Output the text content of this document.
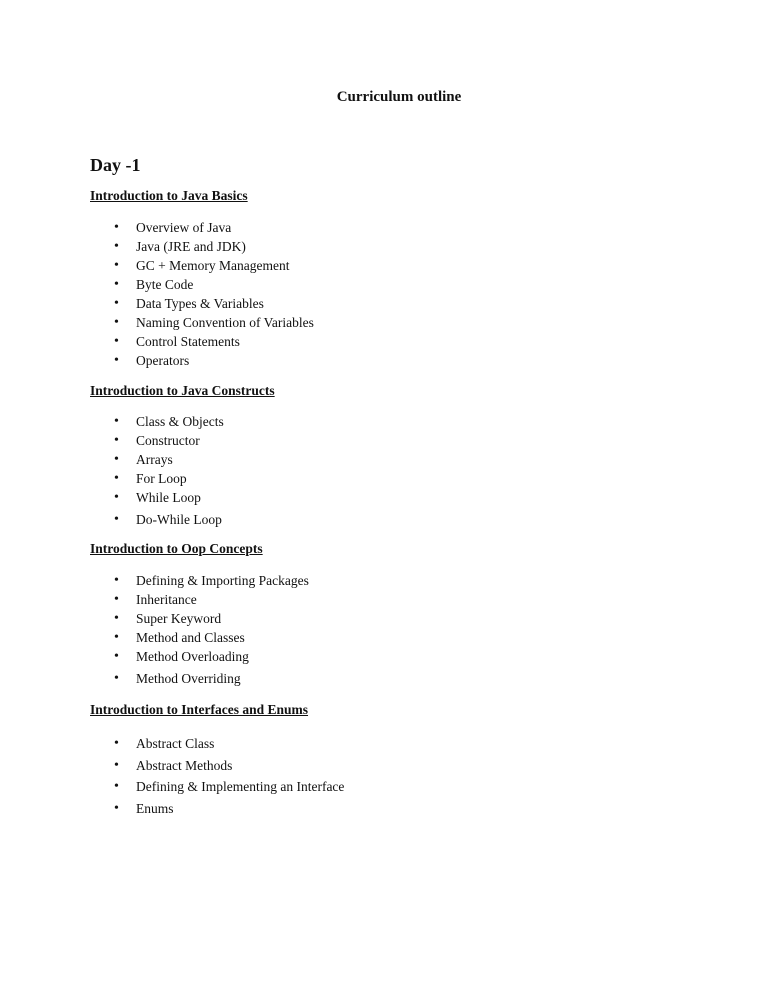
Curriculum outline
Day -1
Introduction to Java Basics
• Overview of Java
• Java (JRE and JDK)
• GC + Memory Management
• Byte Code
• Data Types & Variables
• Naming Convention of Variables
• Control Statements
• Operators
Introduction to Java Constructs
• Class & Objects
• Constructor
• Arrays
• For Loop
• While Loop
• Do-While Loop
Introduction to Oop Concepts
• Defining & Importing Packages
• Inheritance
• Super Keyword
• Method and Classes
• Method Overloading
• Method Overriding
Introduction to Interfaces and Enums
• Abstract Class
• Abstract Methods
• Defining & Implementing an Interface
• Enums
